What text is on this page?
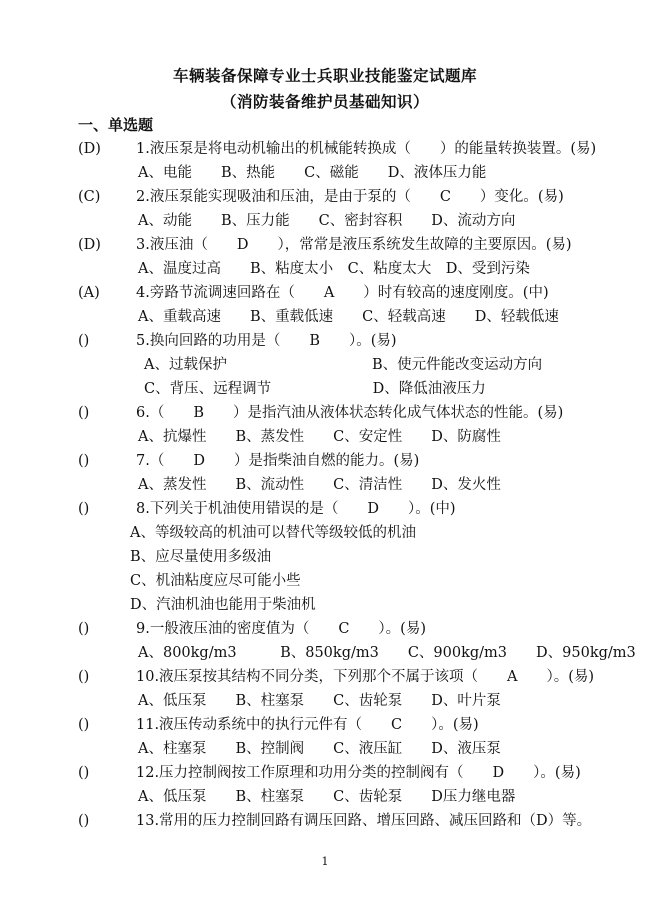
车辆装备保障专业士兵职业技能鉴定试题库
（消防装备维护员基础知识）
一、单选题
(D) 1.液压泵是将电动机输出的机械能转换成（　　）的能量转换装置。(易)
A、电能　　B、热能　　C、磁能　　D、液体压力能
(C) 2.液压泵能实现吸油和压油，是由于泵的（　　C　　）变化。(易)
A、动能　　B、压力能　　C、密封容积　　D、流动方向
(D) 3.液压油（　　D　　），常常是液压系统发生故障的主要原因。(易)
A、温度过高　　B、粘度太小　C、粘度太大　D、受到污染
(A) 4.旁路节流调速回路在（　　A　　）时有较高的速度刚度。(中)
A、重载高速　　B、重载低速　　C、轻载高速　　D、轻载低速
()	5.换向回路的功用是（　　B　　）。(易)
A、过载保护　　　　　　　　　　B、使元件能改变运动方向
C、背压、远程调节　　　　　　　D、降低油液压力
()	6.（　　B　　）是指汽油从液体状态转化成气体状态的性能。(易)
A、抗爆性　　B、蒸发性　　C、安定性　　D、防腐性
()	7.（　　D　　）是指柴油自燃的能力。(易)
A、蒸发性　　B、流动性　　C、清洁性　　D、发火性
()	8.下列关于机油使用错误的是（　　D　　）。(中)
A、等级较高的机油可以替代等级较低的机油
B、应尽量使用多级油
C、机油粘度应尽可能小些
D、汽油机油也能用于柴油机
()	9.一般液压油的密度值为（　　C　　）。(易)
A、800kg/m3　　　B、850kg/m3　　C、900kg/m3　　D、950kg/m3
()	10.液压泵按其结构不同分类，下列那个不属于该项（　　A　　）。(易)
A、低压泵　　B、柱塞泵　　C、齿轮泵　　D、叶片泵
()	11.液压传动系统中的执行元件有（　　C　　）。(易)
A、柱塞泵　　B、控制阀　　C、液压缸　　D、液压泵
()	12.压力控制阀按工作原理和功用分类的控制阀有（　　D　　）。(易)
A、低压泵　　B、柱塞泵　　C、齿轮泵　　D压力继电器
()	13.常用的压力控制回路有调压回路、增压回路、减压回路和（D）等。
1
